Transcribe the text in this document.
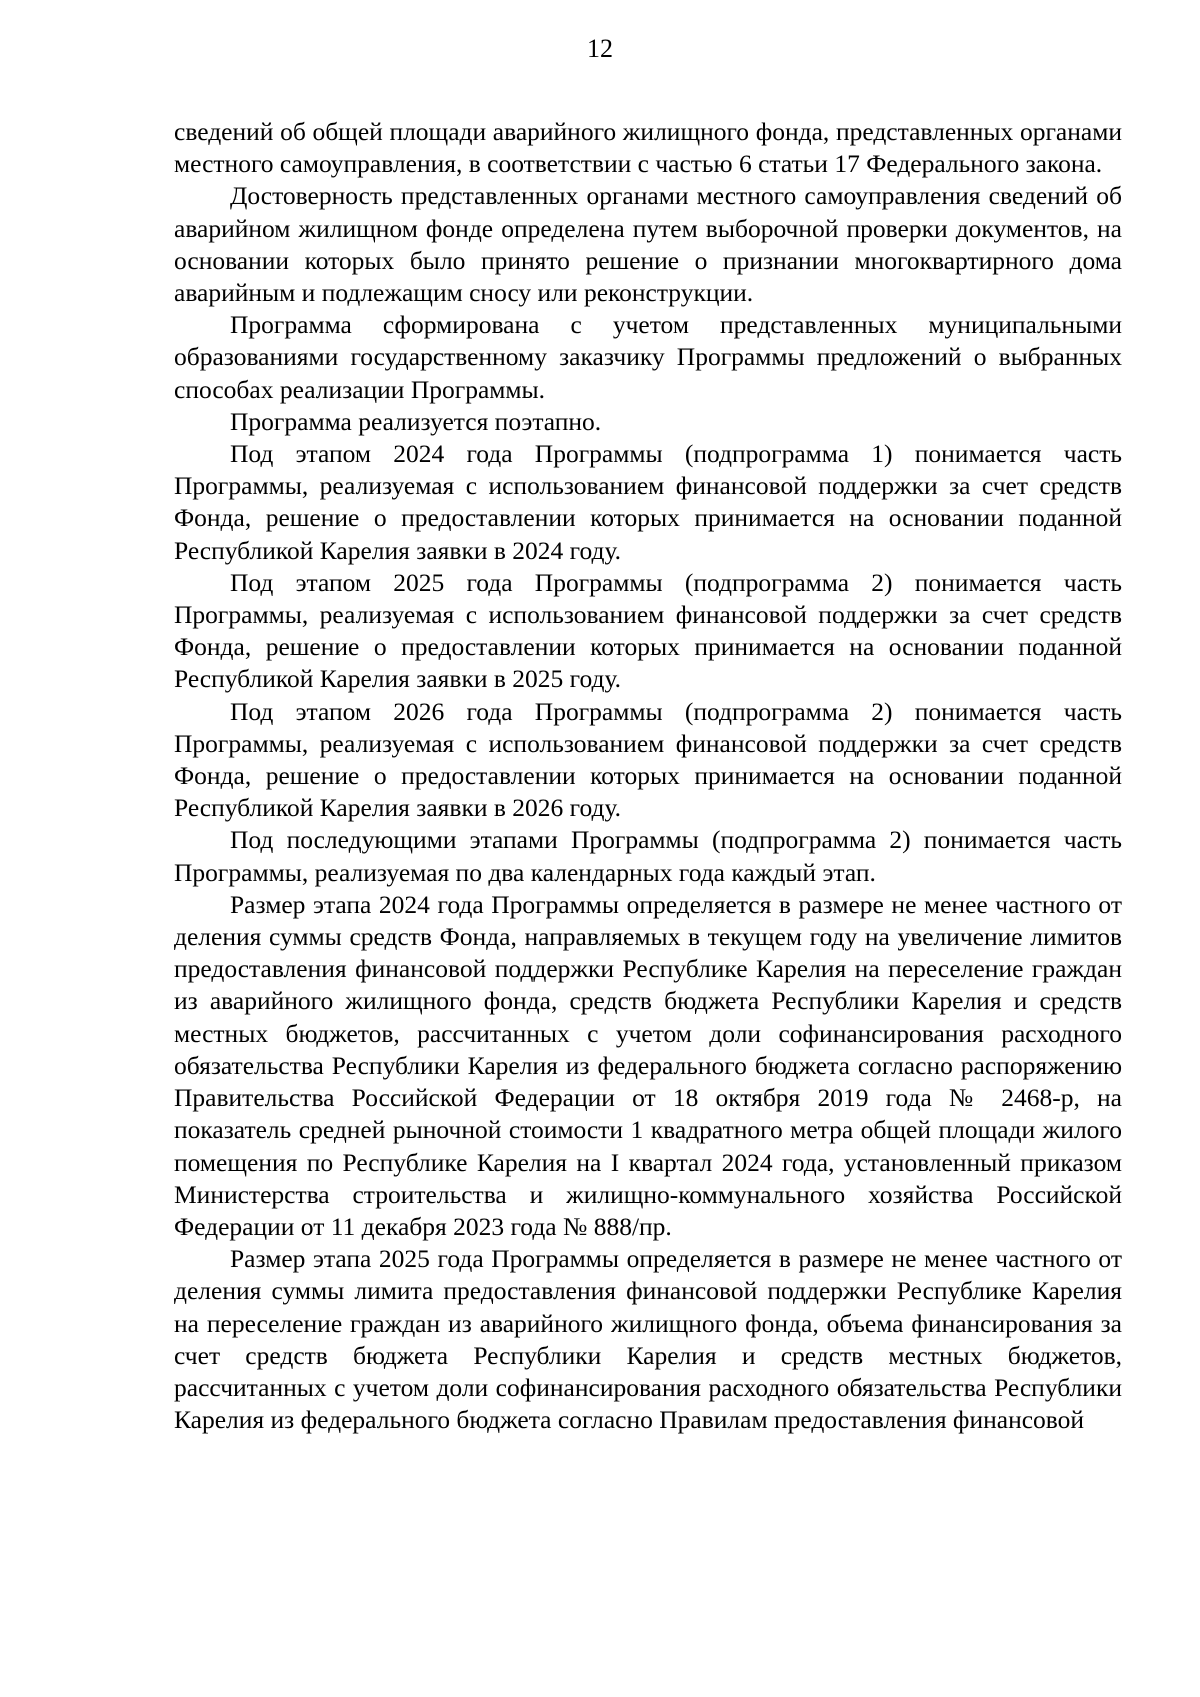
12

сведений об общей площади аварийного жилищного фонда, представленных органами местного самоуправления, в соответствии с частью 6 статьи 17 Федерального закона.

Достоверность представленных органами местного самоуправления сведений об аварийном жилищном фонде определена путем выборочной проверки документов, на основании которых было принято решение о признании многоквартирного дома аварийным и подлежащим сносу или реконструкции.

Программа сформирована с учетом представленных муниципальными образованиями государственному заказчику Программы предложений о выбранных способах реализации Программы.

Программа реализуется поэтапно.

Под этапом 2024 года Программы (подпрограмма 1) понимается часть Программы, реализуемая с использованием финансовой поддержки за счет средств Фонда, решение о предоставлении которых принимается на основании поданной Республикой Карелия заявки в 2024 году.

Под этапом 2025 года Программы (подпрограмма 2) понимается часть Программы, реализуемая с использованием финансовой поддержки за счет средств Фонда, решение о предоставлении которых принимается на основании поданной Республикой Карелия заявки в 2025 году.

Под этапом 2026 года Программы (подпрограмма 2) понимается часть Программы, реализуемая с использованием финансовой поддержки за счет средств Фонда, решение о предоставлении которых принимается на основании поданной Республикой Карелия заявки в 2026 году.

Под последующими этапами Программы (подпрограмма 2) понимается часть Программы, реализуемая по два календарных года каждый этап.

Размер этапа 2024 года Программы определяется в размере не менее частного от деления суммы средств Фонда, направляемых в текущем году на увеличение лимитов предоставления финансовой поддержки Республике Карелия на переселение граждан из аварийного жилищного фонда, средств бюджета Республики Карелия и средств местных бюджетов, рассчитанных с учетом доли софинансирования расходного обязательства Республики Карелия из федерального бюджета согласно распоряжению Правительства Российской Федерации от 18 октября 2019 года № 2468-р, на показатель средней рыночной стоимости 1 квадратного метра общей площади жилого помещения по Республике Карелия на I квартал 2024 года, установленный приказом Министерства строительства и жилищно-коммунального хозяйства Российской Федерации от 11 декабря 2023 года № 888/пр.

Размер этапа 2025 года Программы определяется в размере не менее частного от деления суммы лимита предоставления финансовой поддержки Республике Карелия на переселение граждан из аварийного жилищного фонда, объема финансирования за счет средств бюджета Республики Карелия и средств местных бюджетов, рассчитанных с учетом доли софинансирования расходного обязательства Республики Карелия из федерального бюджета согласно Правилам предоставления финансовой
